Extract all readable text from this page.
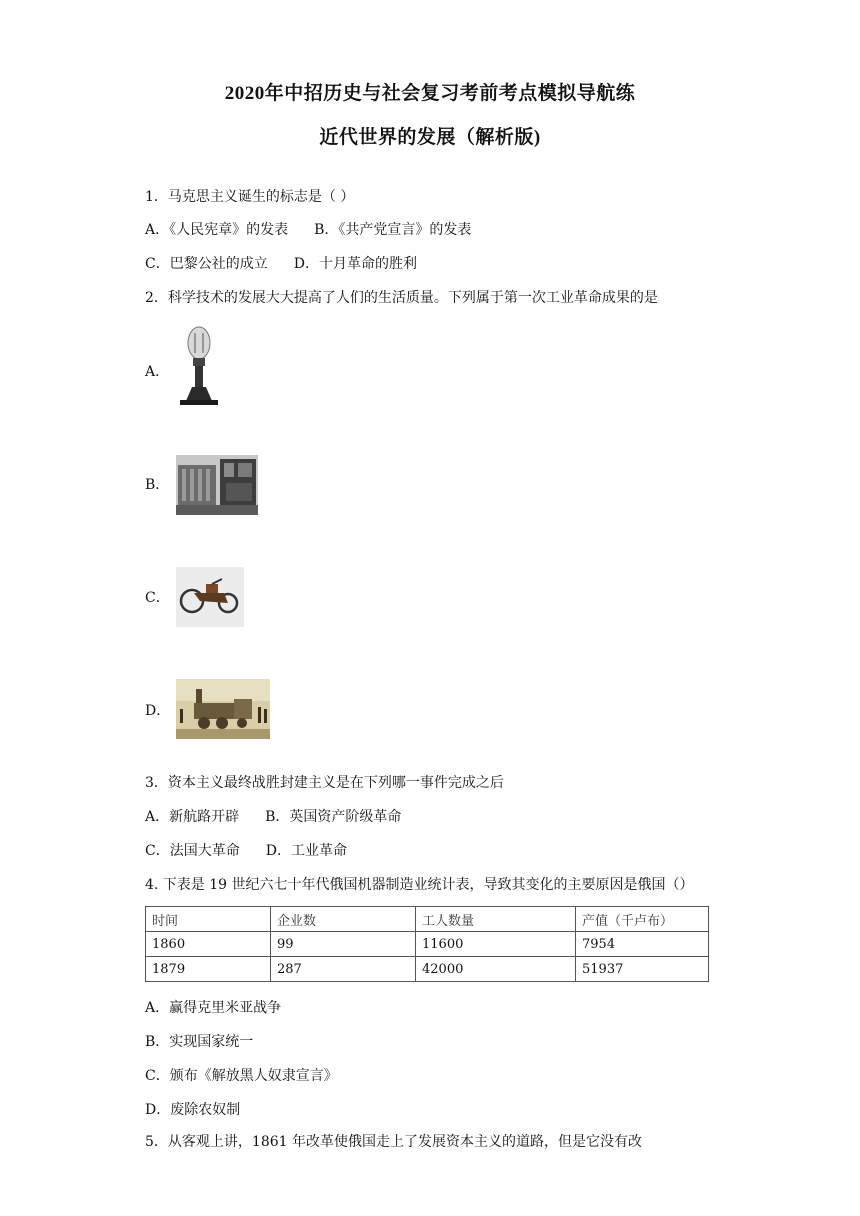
2020年中招历史与社会复习考前考点模拟导航练
近代世界的发展（解析版)
1．马克思主义诞生的标志是（ ）
A．《人民宪章》的发表 B．《共产党宣言》的发表
C．巴黎公社的成立 D．十月革命的胜利
2．科学技术的发展大大提高了人们的生活质量。下列属于第一次工业革命成果的是
A．
B．
C．
D．
3．资本主义最终战胜封建主义是在下列哪一事件完成之后
A．新航路开辟 B．英国资产阶级革命
C．法国大革命 D．工业革命
4. 下表是 19 世纪六七十年代俄国机器制造业统计表，导致其变化的主要原因是俄国（）
时间	企业数	工人数量	产值（千卢布）
1860	99	11600	7954
1879	287	42000	51937
A．赢得克里米亚战争
B．实现国家统一
C．颁布《解放黑人奴隶宣言》
D．废除农奴制
5．从客观上讲，1861 年改革使俄国走上了发展资本主义的道路，但是它没有改
